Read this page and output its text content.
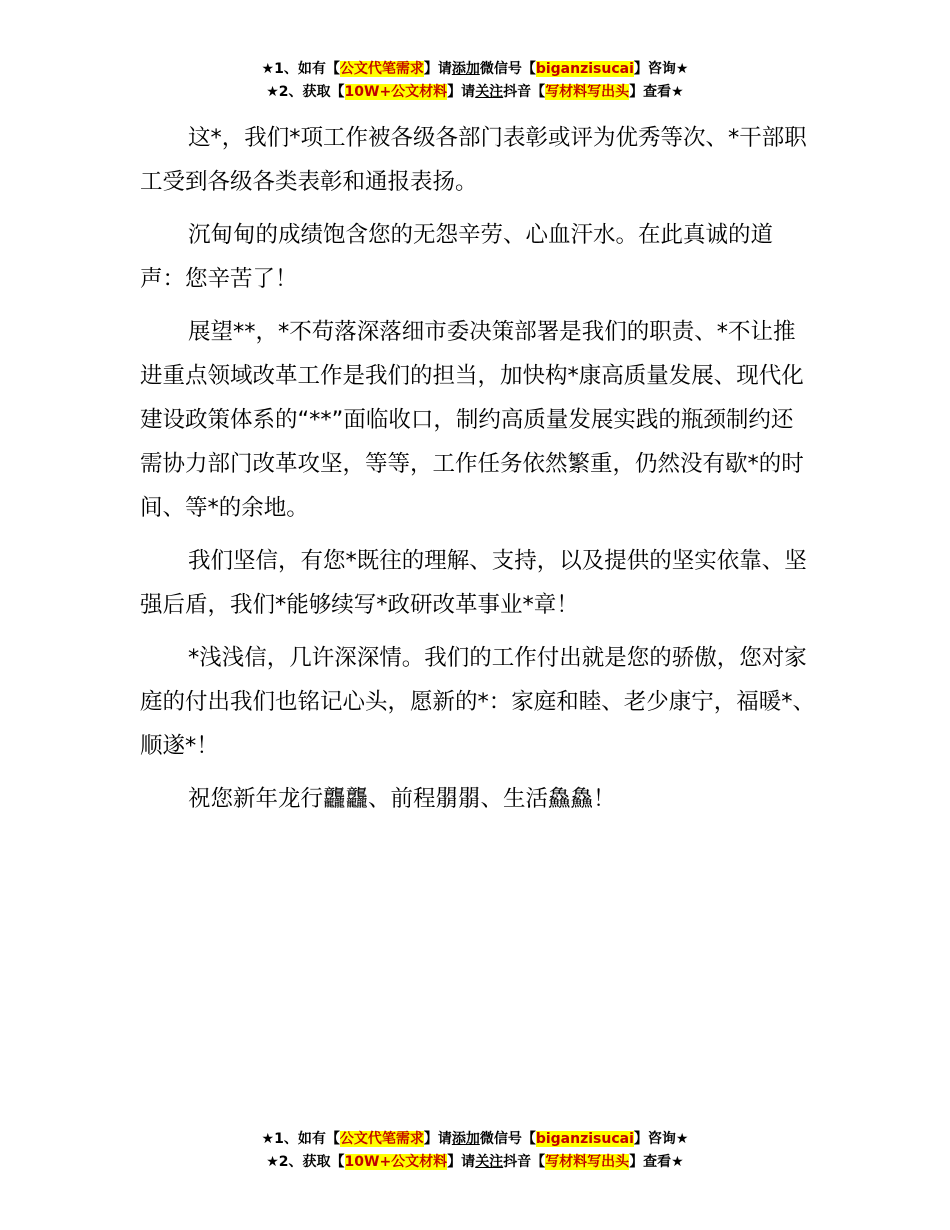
★1、如有【公文代笔需求】请添加微信号【biganzisucai】咨询★
★2、获取【10W+公文材料】请关注抖音【写材料写出头】查看★

这*，我们*项工作被各级各部门表彰或评为优秀等次、*干部职工受到各级各类表彰和通报表扬。

沉甸甸的成绩饱含您的无怨辛劳、心血汗水。在此真诚的道声：您辛苦了！

展望**，*不苟落深落细市委决策部署是我们的职责、*不让推进重点领域改革工作是我们的担当，加快构*康高质量发展、现代化建设政策体系的“**”面临收口，制约高质量发展实践的瓶颈制约还需协力部门改革攻坚，等等，工作任务依然繁重，仍然没有歇*的时间、等*的余地。

我们坚信，有您*既往的理解、支持，以及提供的坚实依靠、坚强后盾，我们*能够续写*政研改革事业*章！

*浅浅信，几许深深情。我们的工作付出就是您的骄傲，您对家庭的付出我们也铭记心头，愿新的*：家庭和睦、老少康宁，福暖*、顺遂*！

祝您新年龙行龘龘、前程朤朤、生活鱻鱻！

★1、如有【公文代笔需求】请添加微信号【biganzisucai】咨询★
★2、获取【10W+公文材料】请关注抖音【写材料写出头】查看★
